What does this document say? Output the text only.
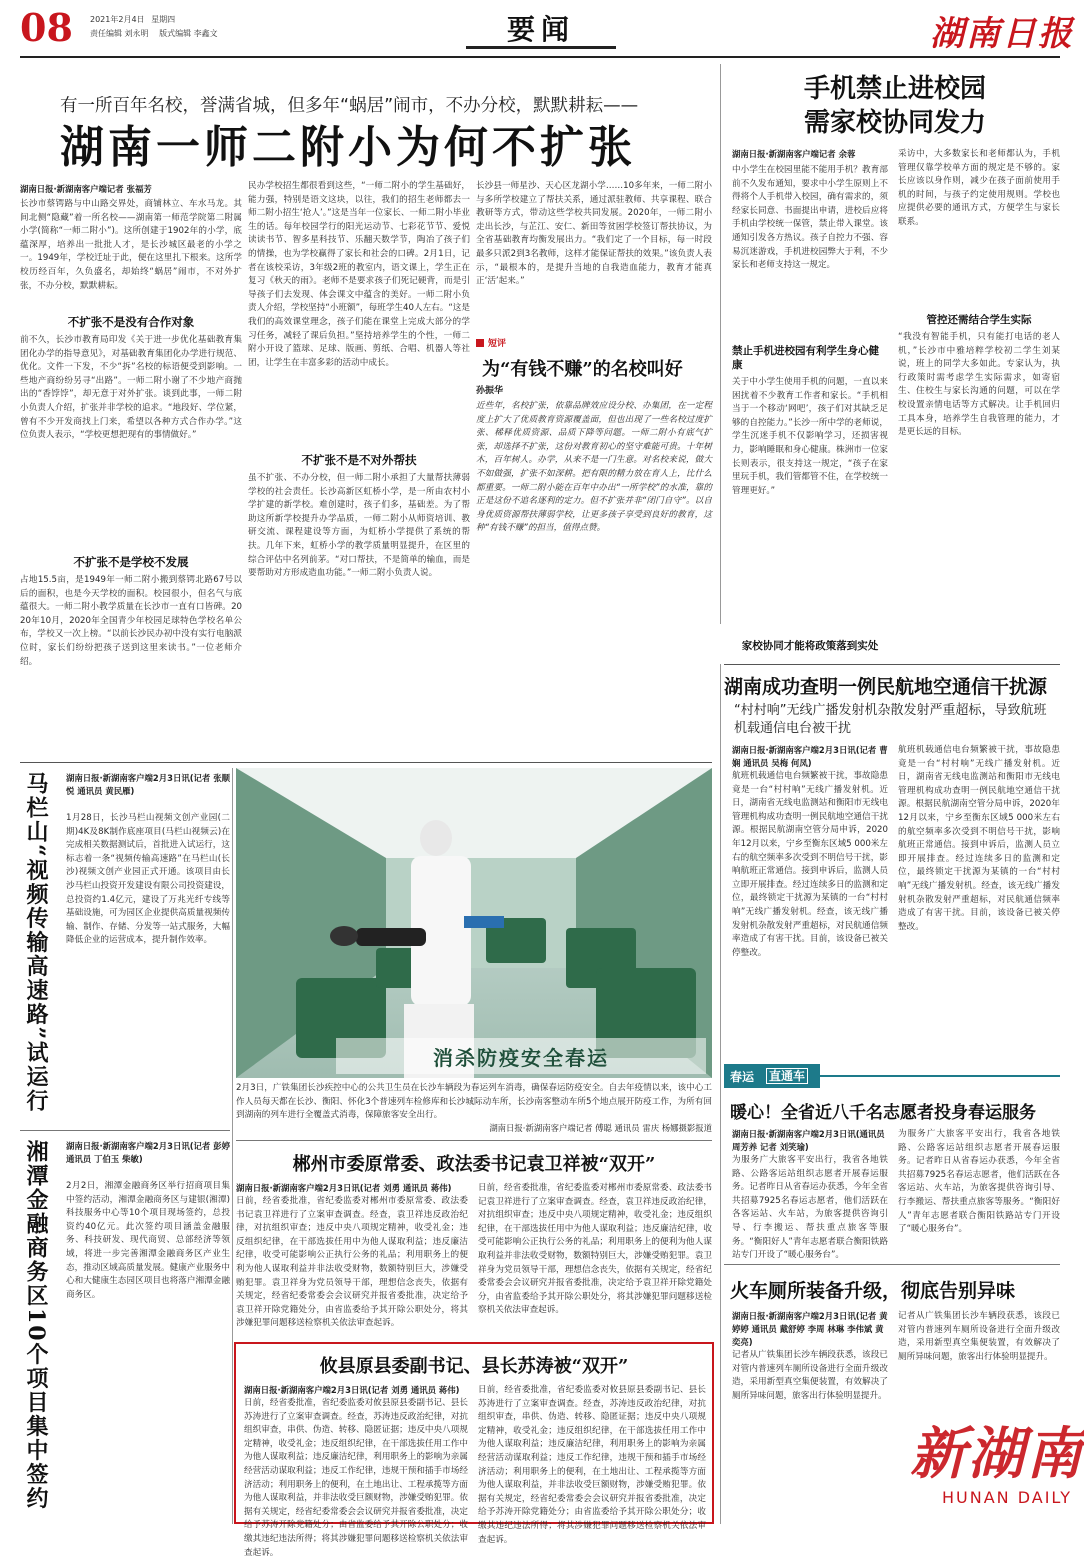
08 2021年2月4日 星期四
责任编辑 刘永明 版式编辑 李鑫文	要闻	湖南日报
有一所百年名校，誉满省城，但多年“蜗居”闹市，不办分校，默默耕耘——
湖南一师二附小为何不扩张
手机禁止进校园
需家校协同发力
湖南日报·新湖南客户端记者 张福芳
长沙市蔡锷路与中山路交界处，商铺林立、车水马龙。其间北侧“隐藏”着一所名校——湖南第一师范学院第二附属小学(简称“一师二附小”)。这所创建于1902年的小学，底蕴深厚，培养出一批批人才，是长沙城区最老的小学之一。1949年，学校迁址于此，便在这里扎下根来。这所学校历经百年，久负盛名，却始终“蜗居”闹市，不对外扩张，不办分校，默默耕耘。
不扩张不是没有合作对象
前不久，长沙市教育局印发《关于进一步优化基础教育集团化办学的指导意见》，对基础教育集团化办学进行规范、优化。文件一下发，不少“拆”名校的标语便受到影响。一些地产商纷纷另寻“出路”。一师二附小谢了不少地产商抛出的“香饽饽”，却无意于对外扩张。谈到此事，一师二附小负责人介绍，扩张并非学校的追求。“地段好、学位紧，曾有不少开发商找上门来，希望以各种方式合作办学。”这位负责人表示，“学校更想把现有的事情做好。”
不扩张不是学校不发展
占地15.5亩，是1949年一师二附小搬到蔡锷北路67号以后的面积，也是今天学校的面积。校园很小，但名气与底蕴很大。一师二附小教学质量在长沙市一直有口皆碑。2020年10月，2020年全国青少年校园足球特色学校名单公布，学校又一次上榜。“以前长沙民办初中没有实行电脑派位时，家长们纷纷把孩子送到这里来读书。”一位老师介绍。
民办学校招生都很看到这些，“一师二附小的学生基础好，能力强，特别是语文这块，以往，我们的招生老师都去一师二附小招生‘抢人’。”这是当年一位家长、一师二附小毕业生的话。每年校园学行的阳光运动节、七彩花节节、爱悦读读书节、智多星科技节、乐翻天数学节，陶冶了孩子们的情操，也为学校赢得了家长和社会的口碑。2月1日，记者在该校采访，3年级2班的教室内，语文课上，学生正在复习《秋天的雨》。老师不是要求孩子们死记硬背，而是引导孩子们去发现、体会课文中蕴含的美好。一师二附小负责人介绍，学校坚持“小班额”，每班学生40人左右。“这是我们的高效课堂理念，孩子们能在课堂上完成大部分的学习任务，减轻了课后负担。”坚持培养学生的个性，一师二附小开设了篮球、足球、版画、剪纸、合唱、机器人等社团，让学生在丰富多彩的活动中成长。
不扩张不是不对外帮扶
虽不扩张、不办分校，但一师二附小承担了大量帮扶薄弱学校的社会责任。长沙高新区虹桥小学，是一所由农村小学扩建的新学校。难创建时，孩子们多，基础差。为了帮助这所新学校提升办学品质，一师二附小从师资培训、教研交流、课程建设等方面，为虹桥小学提供了系统的帮扶。几年下来，虹桥小学的教学质量明显提升，在区里的综合评估中名列前茅。“对口帮扶，不是简单的输血，而是要帮助对方形成造血功能。”一师二附小负责人说。
长沙县一师星沙、天心区龙湖小学……10多年来，一师二附小与多所学校建立了帮扶关系，通过派驻教师、共享课程、联合教研等方式，带动这些学校共同发展。2020年，一师二附小走出长沙，与芷江、安仁、新田等贫困学校签订帮扶协议，为全省基础教育均衡发展出力。“我们定了一个目标，每一时段最多只派2到3名教师，这样才能保证帮扶的效果。”该负责人表示，“最根本的，是提升当地的自我造血能力，教育才能真正‘活’起来。”
短评
为“有钱不赚”的名校叫好
孙振华
近些年，名校扩张，依靠品牌效应设分校、办集团，在一定程度上扩大了优质教育资源覆盖面，但也出现了一些名校过度扩张、稀释优质资源、品质下降等问题。一师二附小有底气扩张，却选择不扩张，这份对教育初心的坚守难能可贵。十年树木，百年树人。办学，从来不是一门生意。对名校来说，做大不如做强，扩张不如深耕。把有限的精力放在育人上，比什么都重要。一师二附小能在百年中办出“一所学校”的水准，靠的正是这份不追名逐利的定力。但不扩张并非“闭门自守”。以自身优质资源帮扶薄弱学校，让更多孩子享受到良好的教育，这种“有钱不赚”的担当，值得点赞。
湖南日报·新湖南客户端记者 余蓉
中小学生在校园里能不能用手机？教育部前不久发布通知，要求中小学生原则上不得将个人手机带入校园，确有需求的，须经家长同意、书面提出申请，进校后应将手机由学校统一保管，禁止带入课堂。该通知引发各方热议。孩子自控力不强、容易沉迷游戏，手机进校园弊大于利，不少家长和老师支持这一规定。
禁止手机进校园有利学生身心健康
关于中小学生使用手机的问题，一直以来困扰着不少教育工作者和家长。“手机相当于一个移动‘网吧’，孩子们对其缺乏足够的自控能力。”长沙一所中学的老师说，学生沉迷手机不仅影响学习，还损害视力，影响睡眠和身心健康。株洲市一位家长则表示，很支持这一规定，“孩子在家里玩手机，我们管都管不住，在学校统一管理更好。”
采访中，大多数家长和老师都认为，手机管理仅靠学校单方面的规定是不够的。家长应该以身作则，减少在孩子面前使用手机的时间，与孩子约定使用规则。学校也应提供必要的通讯方式，方便学生与家长联系。
管控还需结合学生实际
“我没有智能手机，只有能打电话的老人机，”长沙市中雅培粹学校初二学生刘某说，班上的同学大多如此。专家认为，执行政策时需考虑学生实际需求，如寄宿生、住校生与家长沟通的问题，可以在学校设置亲情电话等方式解决。让手机回归工具本身，培养学生自我管理的能力，才是更长远的目标。
家校协同才能将政策落到实处
马栏山“视频传输高速路”试运行 湖南日报·新湖南客户端2月3日讯(记者 张顺悦 通讯员 黄民雁)
1月28日，长沙马栏山视频文创产业园(二期)4K及8K制作底座项目(马栏山视频云)在完成相关数据测试后，首批进入试运行，这标志着一条“视频传输高速路”在马栏山(长沙)视频文创产业园正式开通。该项目由长沙马栏山投资开发建设有限公司投资建设，总投资约1.4亿元，建设了万兆光纤专线等基础设施，可为园区企业提供高质量视频传输、制作、存储、分发等一站式服务，大幅降低企业的运营成本，提升制作效率。
湘潭金融商务区10个项目集中签约 湖南日报·新湖南客户端2月3日讯(记者 彭婷 通讯员 丁伯玉 柴敏)
2月2日，湘潭金融商务区举行招商项目集中签约活动，湘潭金融商务区与建银(湘潭)科技服务中心等10个项目现场签约，总投资约40亿元。此次签约项目涵盖金融服务、科技研发、现代商贸、总部经济等领域，将进一步完善湘潭金融商务区产业生态，推动区域高质量发展。健康产业服务中心和大健康生态园区项目也将落户湘潭金融商务区。
消杀防疫安全春运
2月3日，广铁集团长沙疾控中心的公共卫生员在长沙车辆段为春运列车消毒，确保春运防疫安全。自去年疫情以来，该中心工作人员每天都在长沙、衡阳、怀化3个普速列车检修库和长沙城际动车所，长沙南客整动车所5个地点展开防疫工作，为所有回到湖南的列车进行全覆盖式消毒，保障旅客安全出行。
湖南日报·新湖南客户端记者 傅聪 通讯员 雷庆 杨娜摄影报道
郴州市委原常委、政法委书记袁卫祥被“双开”
湖南日报·新湖南客户端2月3日讯(记者 刘勇 通讯员 蒋伟)
日前，经省委批准，省纪委监委对郴州市委原常委、政法委书记袁卫祥进行了立案审查调查。经查，袁卫祥违反政治纪律，对抗组织审查；违反中央八项规定精神，收受礼金；违反组织纪律，在干部选拔任用中为他人谋取利益；违反廉洁纪律，收受可能影响公正执行公务的礼品；利用职务上的便利为他人谋取利益并非法收受财物，数额特别巨大，涉嫌受贿犯罪。袁卫祥身为党员领导干部，理想信念丧失，依据有关规定，经省纪委常委会会议研究并报省委批准，决定给予袁卫祥开除党籍处分，由省监委给予其开除公职处分，将其涉嫌犯罪问题移送检察机关依法审查起诉。
日前，经省委批准，省纪委监委对郴州市委原常委、政法委书记袁卫祥进行了立案审查调查。经查，袁卫祥违反政治纪律，对抗组织审查；违反中央八项规定精神，收受礼金；违反组织纪律，在干部选拔任用中为他人谋取利益；违反廉洁纪律，收受可能影响公正执行公务的礼品；利用职务上的便利为他人谋取利益并非法收受财物，数额特别巨大，涉嫌受贿犯罪。袁卫祥身为党员领导干部，理想信念丧失，依据有关规定，经省纪委常委会会议研究并报省委批准，决定给予袁卫祥开除党籍处分，由省监委给予其开除公职处分，将其涉嫌犯罪问题移送检察机关依法审查起诉。
攸县原县委副书记、县长苏涛被“双开”
湖南日报·新湖南客户端2月3日讯(记者 刘勇 通讯员 蒋伟)
日前，经省委批准，省纪委监委对攸县原县委副书记、县长苏涛进行了立案审查调查。经查，苏涛违反政治纪律，对抗组织审查，串供、伪造、转移、隐匿证据；违反中央八项规定精神，收受礼金；违反组织纪律，在干部选拔任用工作中为他人谋取利益；违反廉洁纪律，利用职务上的影响为亲属经营活动谋取利益；违反工作纪律，违规干预和插手市场经济活动；利用职务上的便利，在土地出让、工程承揽等方面为他人谋取利益，并非法收受巨额财物，涉嫌受贿犯罪。依据有关规定，经省纪委常委会会议研究并报省委批准，决定给予苏涛开除党籍处分；由省监委给予其开除公职处分；收缴其违纪违法所得；将其涉嫌犯罪问题移送检察机关依法审查起诉。
日前，经省委批准，省纪委监委对攸县原县委副书记、县长苏涛进行了立案审查调查。经查，苏涛违反政治纪律，对抗组织审查，串供、伪造、转移、隐匿证据；违反中央八项规定精神，收受礼金；违反组织纪律，在干部选拔任用工作中为他人谋取利益；违反廉洁纪律，利用职务上的影响为亲属经营活动谋取利益；违反工作纪律，违规干预和插手市场经济活动；利用职务上的便利，在土地出让、工程承揽等方面为他人谋取利益，并非法收受巨额财物，涉嫌受贿犯罪。依据有关规定，经省纪委常委会会议研究并报省委批准，决定给予苏涛开除党籍处分；由省监委给予其开除公职处分；收缴其违纪违法所得；将其涉嫌犯罪问题移送检察机关依法审查起诉。
湖南成功查明一例民航地空通信干扰源
“村村响”无线广播发射机杂散发射严重超标，导致航班机载通信电台被干扰
湖南日报·新湖南客户端2月3日讯(记者 曹娴 通讯员 吴梅 何凤)
航班机载通信电台频繁被干扰，事故隐患竟是一台“村村响”无线广播发射机。近日，湖南省无线电监测站和衡阳市无线电管理机构成功查明一例民航地空通信干扰源。根据民航湖南空管分局申诉，2020年12月以来，宁乡至衡东区域5 000米左右的航空频率多次受到不明信号干扰，影响航班正常通信。接到申诉后，监测人员立即开展排查。经过连续多日的监测和定位，最终锁定干扰源为某镇的一台“村村响”无线广播发射机。经查，该无线广播发射机杂散发射严重超标，对民航通信频率造成了有害干扰。目前，该设备已被关停整改。
航班机载通信电台频繁被干扰，事故隐患竟是一台“村村响”无线广播发射机。近日，湖南省无线电监测站和衡阳市无线电管理机构成功查明一例民航地空通信干扰源。根据民航湖南空管分局申诉，2020年12月以来，宁乡至衡东区域5 000米左右的航空频率多次受到不明信号干扰，影响航班正常通信。接到申诉后，监测人员立即开展排查。经过连续多日的监测和定位，最终锁定干扰源为某镇的一台“村村响”无线广播发射机。经查，该无线广播发射机杂散发射严重超标，对民航通信频率造成了有害干扰。目前，该设备已被关停整改。
春运 直通车
暖心！全省近八千名志愿者投身春运服务
湖南日报·新湖南客户端2月3日讯(通讯员 周芳养 记者 刘笑瑜)
为服务广大旅客平安出行，我省各地铁路、公路客运站组织志愿者开展春运服务。记者昨日从省春运办获悉，今年全省共招募7925名春运志愿者，他们活跃在各客运站、火车站，为旅客提供咨询引导、行李搬运、帮扶重点旅客等服务。“衡阳好人”青年志愿者联合衡阳铁路站专门开设了“暖心服务台”。
为服务广大旅客平安出行，我省各地铁路、公路客运站组织志愿者开展春运服务。记者昨日从省春运办获悉，今年全省共招募7925名春运志愿者，他们活跃在各客运站、火车站，为旅客提供咨询引导、行李搬运、帮扶重点旅客等服务。“衡阳好人”青年志愿者联合衡阳铁路站专门开设了“暖心服务台”。
火车厕所装备升级，彻底告别异味
湖南日报·新湖南客户端2月3日讯(记者 黄婷婷 通讯员 戴舒婷 李周 林琳 李伟斌 黄奕亮)
记者从广铁集团长沙车辆段获悉，该段已对管内普速列车厕所设备进行全面升级改造，采用新型真空集便装置，有效解决了厕所异味问题，旅客出行体验明显提升。
记者从广铁集团长沙车辆段获悉，该段已对管内普速列车厕所设备进行全面升级改造，采用新型真空集便装置，有效解决了厕所异味问题，旅客出行体验明显提升。
新湖南
HUNAN DAILY
